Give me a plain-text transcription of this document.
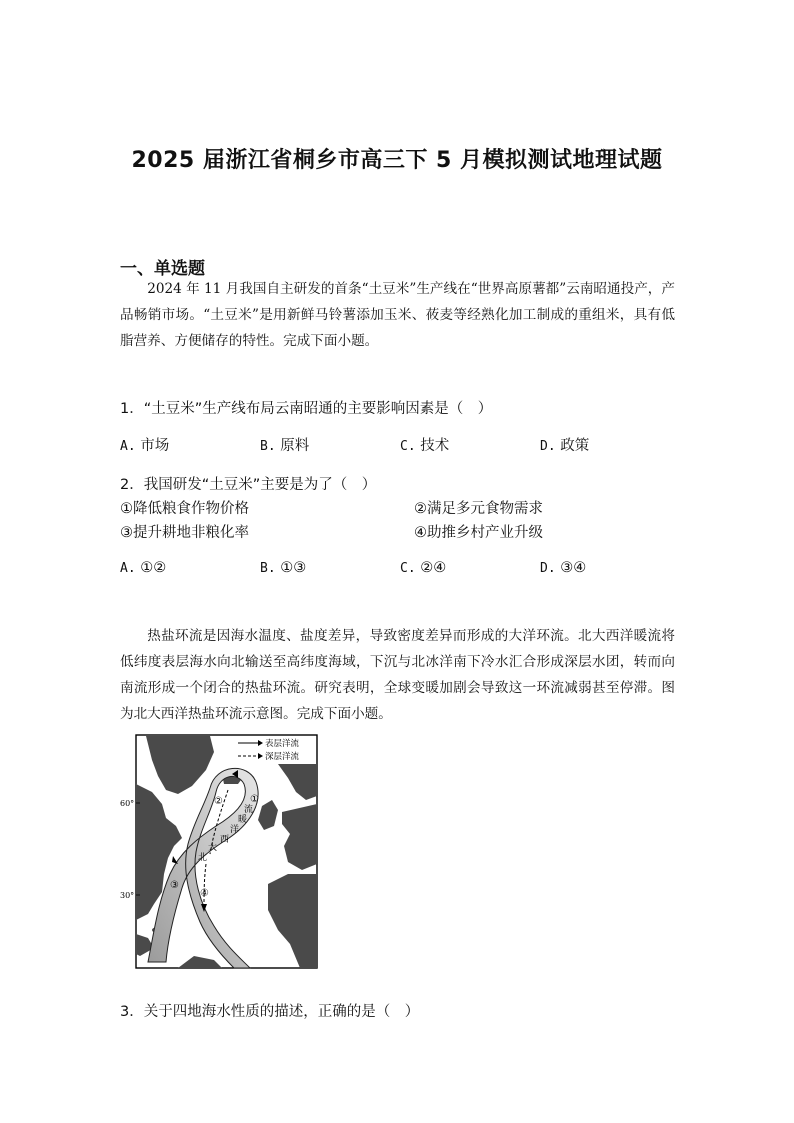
2025 届浙江省桐乡市高三下 5 月模拟测试地理试题
一、单选题
2024 年 11 月我国自主研发的首条“土豆米”生产线在“世界高原薯都”云南昭通投产，产品畅销市场。“土豆米”是用新鲜马铃薯添加玉米、莜麦等经熟化加工制成的重组米，具有低脂营养、方便储存的特性。完成下面小题。
1．“土豆米”生产线布局云南昭通的主要影响因素是（　）
A. 市场	B. 原料	C. 技术	D. 政策
2．我国研发“土豆米”主要是为了（　）
①降低粮食作物价格	②满足多元食物需求
③提升耕地非粮化率	④助推乡村产业升级
A. ①②	B. ①③	C. ②④	D. ③④
热盐环流是因海水温度、盐度差异，导致密度差异而形成的大洋环流。北大西洋暖流将低纬度表层海水向北输送至高纬度海域，下沉与北冰洋南下冷水汇合形成深层水团，转而向南流形成一个闭合的热盐环流。研究表明，全球变暖加剧会导致这一环流减弱甚至停滞。图为北大西洋热盐环流示意图。完成下面小题。
60°
30°
表层洋流
深层洋流
北
大
西
洋
暖
流
①
②
③
④
3．关于四地海水性质的描述，正确的是（　）
